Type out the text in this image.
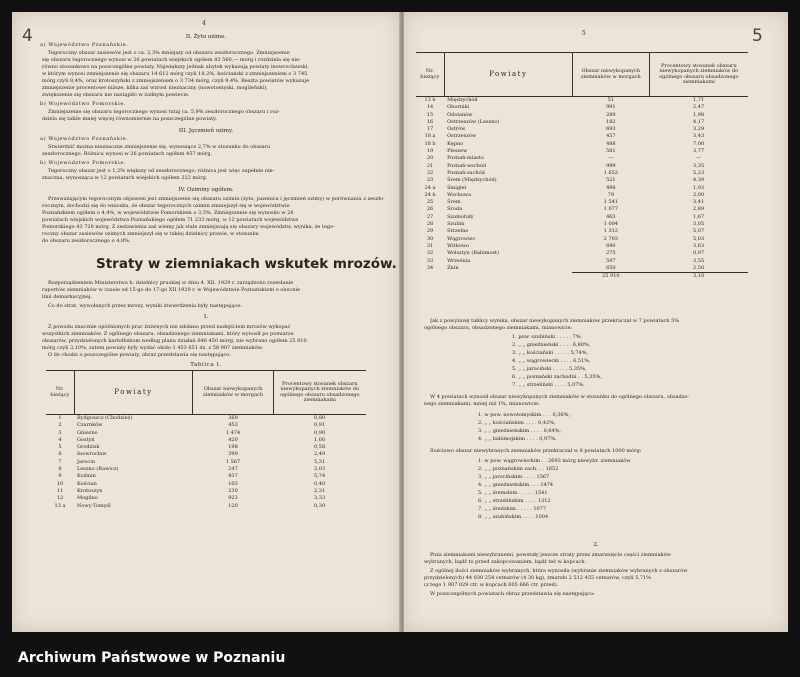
4
4
II. Żyto ozime.
a) Województwo Poznańskie.
Tegoroczny obszar zasiewów jest o ca. 2,3% mniejszy od obszaru zeszłorocznego. Zmniejszenie
się obszaru tegorocznego wynosi w 26 powiatach wiejskich ogółem 83 560,— mórg i rozdziela się nie-
równo stosunkowo na poszczególne powiaty. Największy jednak ubytek wykazują powiaty inowrocławski,
w którym wynosi zmniejszenie się obszaru 14 612 mórg czyli 18,2%, kościański z zmniejszeniem o 3 745
mórg czyli 8,4%, oraz krotoszyński z zmniejszeniem o 3 734 mórg, czyli 9,4%. Reszta powiatów wykazuje
zmniejszenie procentowe niższe, kilka zaś wzrost nieznaczny (nowotomyski, mogileński),
zwiększenie się obszaru nie nastąpiło w żadnym powiecie.
b) Województwo Pomorskie.
Zmniejszenie się obszaru tegorocznego wynosi tutaj ca. 5,9% zeszłorocznego obszaru i roz-
dziela się także mniej więcej równomiernie na poszczególne powiaty.
III. Jęczmień ozimy.
a) Województwo Poznańskie.
Stwierdzić można nieznaczne zmniejszenie się, wynoszące 2,7% w stosunku do obszaru
zeszłorocznego. Różnica wynosi w 26 powiatach ogółem 457 mórg.
b) Województwo Pomorskie.
Tegoroczny obszar jest o 1,2% większy od zeszłorocznego; różnica jest więc zupełnie nie-
znaczna, wynosząca w 12 powiatach wiejskich ogółem 222 mórg.
IV. Oziminy ogółem.
Przeważającym tegorocznym objawem jest zmniejszenie się obszaru ozimin (żyto, pszenica i jęczmień ozimy) w porównaniu z zeszło-
rocznym, dochodzi się do wniosku, że obszar tegorocznych ozimin zmniejszył się w województwie
Poznańskiem ogółem o 4,4%, w województwie Pomorskiem o 3,5%. Zmniejszenie się wynosiło w 26
powiatach wiejskich województwa Poznańskiego ogółem 71 233 mórg, w 12 powiatach województwa
Pomorskiego 43 728 mórg. Z zestawienia zaś wiemy jak stale zmniejszają się obszary województw, wynika, że tego-
roczny obszar zasiewów ozimych zmniejszył się w takiej dzielnicy prawie, w stosunku
do obszaru zeszłorocznego o 4,8%.
Straty w ziemniakach wskutek mrozów.
Rozporządzeniem Ministerstwa b. dzielnicy pruskiej w dniu 4. XII. 1929 r. zarządzono rozesłanie
raportów ziemniaków w czasie od 15-go do 17-go XII 1929 r. w Województwie Poznańskiem o obecnie
linii demarkacyjnej.
Co do strat, wywołanych przez mrozy, wyniki stwierdzenia były następujące:
1.
Z powodu znacznie opóźnionych prac żniwnych nie zdołano przed nadejściem mrozów wykopać
wszystkich ziemniaków. Z ogólnego obszaru, obsadzonego ziemniakami, który wynosił po pomiarze
obszarów, przydzielonych kartofliskom według planu działań 646 450 mórg, nie wybrano ogółem 25 910
mórg czyli 3,10%, zatem powiaty były wydać około 1 453 651 dz. z 58 907 ziemniaków.
O ile chodzi o poszczególne powiaty, obraz przedstawia się następująco:
Tablica I.
Nr. bieżący	Powiaty	Obszar niewykopanych ziemniaków w morgach	Procentowy stosunek obszaru niewykopanych ziemniaków do ogólnego obszaru obsadzonego ziemniakami
1	Bydgoszcz (Chodzież)	369	0,80
2	Czarnków	453	0,91
3	Gniezno	1 474	0,90
4	Gostyń	420	1,00
5	Grodzisk	198	0,58
6	Inowrocław	399	2,49
7	Jarocin	1 567	5,31
8	Leszno (Rawicz)	247	2,03
9	Koźmin	937	5,74
10	Kościan	103	0,40
11	Krotoszyn	230	2,31
12	Mogilno	923	3,33
13 a	Nowy-Tomyśl	120	0,30
5
5
Nr. bieżący	Powiaty	Obszar niewykopanych ziemniaków w morgach	Procentowy stosunek obszaru niewykopanych ziemniaków do ogólnego obszaru obsadzonego ziemniakami
13 b	Międzychód	51	1,71
14	Oborniki	991	2,47
15	Odolanów	289	1,98
16	Ostrzeszów (Leszno)	182	4,17
17	Ostrów	693	3,29
18 a	Ostrzeszów	457	3,43
18 b	Kępno	488	7,00
19	Pleszew	581	3,77
20	Poznań-miasto	—	—
21	Poznań-wschód	999	3,35
22	Poznań-zachód	1 652	5,23
23	Śrem (Międzychód)	521	4,39
24 a	Śmigiel	498	1,93
24 b	Wschowa	79	2,00
25	Śrem	1 541	3,41
26	Środa	1 077	2,89
27	Szamotuły	463	1,67
28	Szubin	1 004	3,05
29	Strzelno	1 312	5,07
30	Wągrowiec	2 793	5,03
31	Witkowo	690	3,63
32	Wolsztyn (Babimost)	275	0,97
33	Września	597	3,55
34	Żnin	650	2,50
		25 910	3,10
Jak z powyższej tablicy wynika, obszar niewykopanych ziemniaków przekraczał w 7 powiatach 5%
ogólnego obszaru, obsadzonego ziemniakami, mianowicie:
1. pow. szubiński . . . . . 7%,
2. „ „ gnieźnieński . . . . 6,80%,
3. „ „ kościański . . . . . 5,74%,
4. „ „ wągrowiecki . . . . 6,51%,
5. „ „ jarociński . . . . . 5,35%,
6. „ „ poznański zachodni . . 5,35%,
7. „ „ strzeliński . . . . 5,07%.
W 4 powiatach wynosił obszar niewykopanych ziemniaków w stosunku do ogólnego obszaru, obsadzo-
nego ziemniakami, mniej niż 1%, mianowicie:
1. w pow. nowotomyskim . . . 0,36%,
2. „ „ kościańskim . . . . 0,42%,
3. „ „ gnieźnieńskim . . . . 0,64%,
4. „ „ babimojskim . . . . 0,97%.
Ilościowo obszar niewybranych ziemniaków przekraczał w 8 powiatach 1000 mórg:
1. w pow. wągrowieckim . . 2693 mórg niewybr. ziemniaków
2. „ „ poznańskim zach. . . 1652
3. „ „ jarocińskim . . . . 1567
4. „ „ gnieźnieńskim . . . 1474
5. „ „ śremskim . . . . . 1541
6. „ „ strzelińskim . . . . 1312
7. „ „ średzkim . . . . . 1077
8. „ „ szubińskim . . . . 1004
2.
Poza ziemniakami niewybranemi, powstały jeszcze straty przez zmarznięcie części ziemniaków
wybranych, bądź to przed zakopcowaniem, bądź też w kopcach.
Z ogólnej ilości ziemniaków wybranych, która wynosiła (wybranie ziemniaków wybranych z obszarów
przydzielonych) 44 030 254 cetnarów (4 30 kg), zmarzło 2 512 455 cetnarów, czyli 5,71%
(z tego 1 907 029 ctr. w kopcach 605 666 ctr. przed).
W poszczególnych powiatach obraz przedstawia się następująco:
Archiwum Państwowe w Poznaniu
